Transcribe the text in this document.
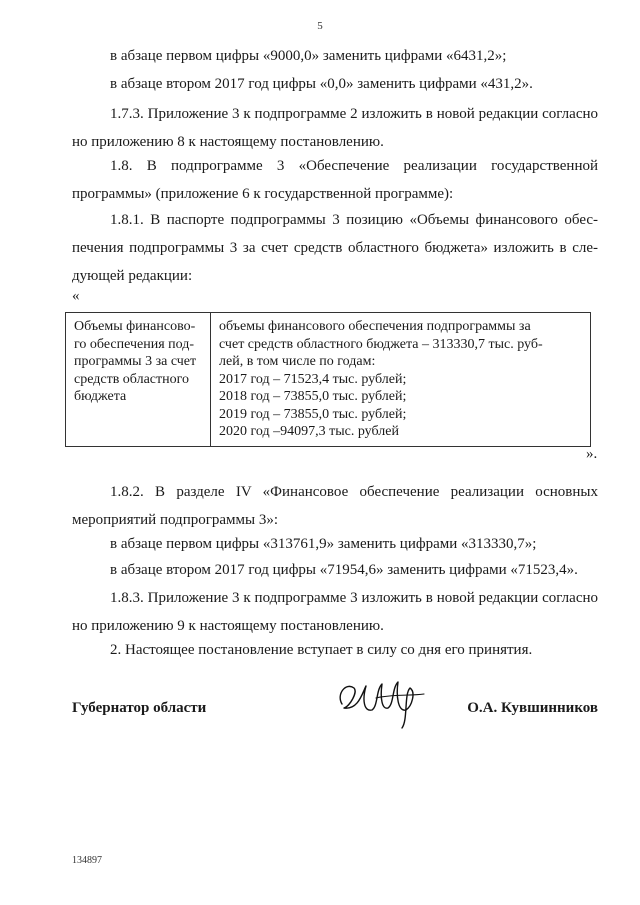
5

в абзаце первом цифры «9000,0» заменить цифрами «6431,2»;

в абзаце втором 2017 год цифры «0,0» заменить цифрами «431,2».

1.7.3. Приложение 3 к подпрограмме 2 изложить в новой редакции согласно
но приложению 8 к настоящему постановлению.

1.8. В подпрограмме 3 «Обеспечение реализации государственной
программы» (приложение 6 к государственной программе):

1.8.1. В паспорте подпрограммы 3 позицию «Объемы финансового обес-
печения подпрограммы 3 за счет средств областного бюджета» изложить в сле-
дующей редакции:

«
Объемы финансово-
го обеспечения под-
программы 3 за счет
средств областного
бюджета

объемы финансового обеспечения подпрограммы за
счет средств областного бюджета – 313330,7 тыс. руб-
лей, в том числе по годам:
2017 год – 71523,4 тыс. рублей;
2018 год – 73855,0 тыс. рублей;
2019 год – 73855,0 тыс. рублей;
2020 год –94097,3 тыс. рублей
».

1.8.2. В разделе IV «Финансовое обеспечение реализации основных
мероприятий подпрограммы 3»:

в абзаце первом цифры «313761,9» заменить цифрами «313330,7»;

в абзаце втором 2017 год цифры «71954,6» заменить цифрами «71523,4».

1.8.3. Приложение 3 к подпрограмме 3 изложить в новой редакции согласно
но приложению 9 к настоящему постановлению.

2. Настоящее постановление вступает в силу со дня его принятия.

Губернатор области	О.А. Кувшинников
134897
